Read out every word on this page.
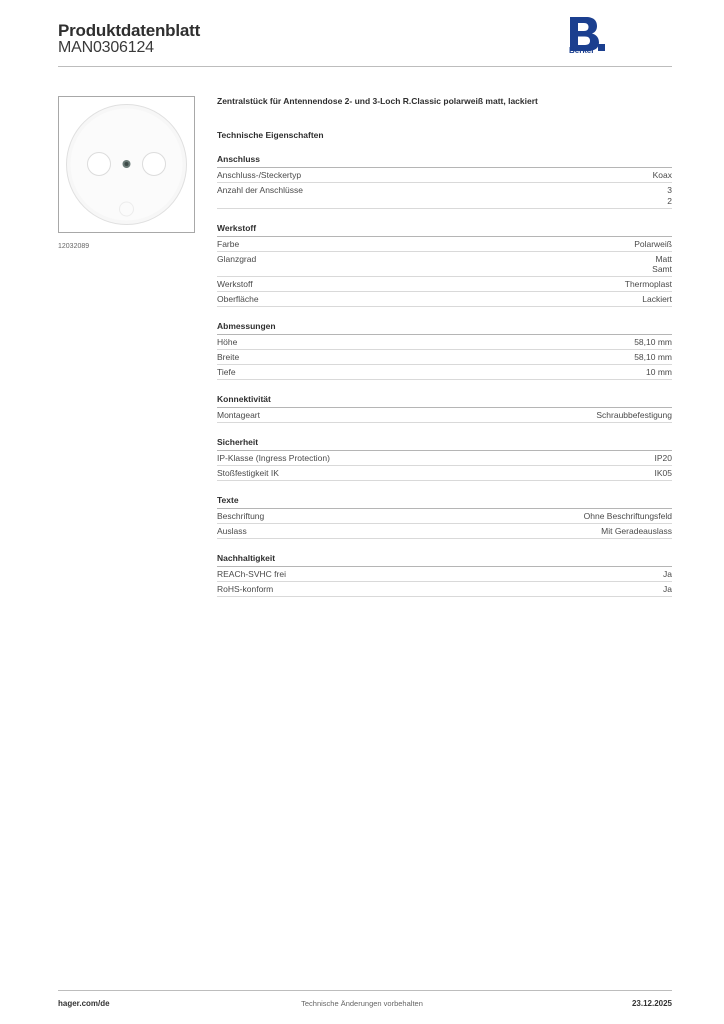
Produktdatenblatt
MAN0306124	Berker
12032089
Zentralstück für Antennendose 2- und 3-Loch R.Classic polarweiß matt, lackiert
Technische Eigenschaften
Anschluss
Anschluss-/Steckertyp	Koax
Anzahl der Anschlüsse	3
2
Werkstoff
Farbe	Polarweiß
Glanzgrad	Matt
Samt
Werkstoff	Thermoplast
Oberfläche	Lackiert
Abmessungen
Höhe	58,10 mm
Breite	58,10 mm
Tiefe	10 mm
Konnektivität
Montageart	Schraubbefestigung
Sicherheit
IP-Klasse (Ingress Protection)	IP20
Stoßfestigkeit IK	IK05
Texte
Beschriftung	Ohne Beschriftungsfeld
Auslass	Mit Geradeauslass
Nachhaltigkeit
REACh-SVHC frei	Ja
RoHS-konform	Ja
hager.com/de	Technische Änderungen vorbehalten	23.12.2025
